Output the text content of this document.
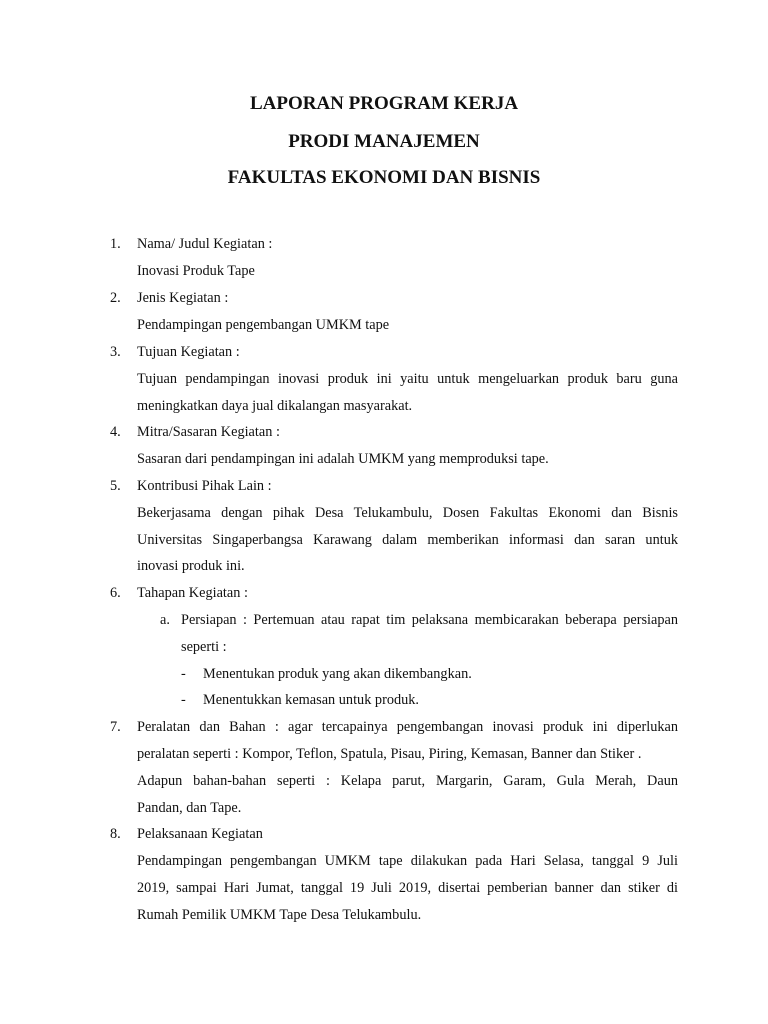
LAPORAN PROGRAM KERJA
PRODI MANAJEMEN
FAKULTAS EKONOMI DAN BISNIS
1. Nama/ Judul Kegiatan :
Inovasi Produk Tape
2. Jenis Kegiatan :
Pendampingan pengembangan UMKM tape
3. Tujuan Kegiatan :
Tujuan pendampingan inovasi produk ini yaitu untuk mengeluarkan produk baru guna
meningkatkan daya jual dikalangan masyarakat.
4. Mitra/Sasaran Kegiatan :
Sasaran dari pendampingan ini adalah UMKM yang memproduksi tape.
5. Kontribusi Pihak Lain :
Bekerjasama dengan pihak Desa Telukambulu, Dosen Fakultas Ekonomi dan Bisnis
Universitas Singaperbangsa Karawang dalam memberikan informasi dan saran untuk
inovasi produk ini.
6. Tahapan Kegiatan :
a. Persiapan : Pertemuan atau rapat tim pelaksana membicarakan beberapa persiapan
seperti :
- Menentukan produk yang akan dikembangkan.
- Menentukkan kemasan untuk produk.
7. Peralatan dan Bahan : agar tercapainya pengembangan inovasi produk ini diperlukan
peralatan seperti : Kompor, Teflon, Spatula, Pisau, Piring, Kemasan, Banner dan Stiker .
Adapun bahan-bahan seperti : Kelapa parut, Margarin, Garam, Gula Merah, Daun
Pandan, dan Tape.
8. Pelaksanaan Kegiatan
Pendampingan pengembangan UMKM tape dilakukan pada Hari Selasa, tanggal 9 Juli
2019, sampai Hari Jumat, tanggal 19 Juli 2019, disertai pemberian banner dan stiker di
Rumah Pemilik UMKM Tape Desa Telukambulu.
